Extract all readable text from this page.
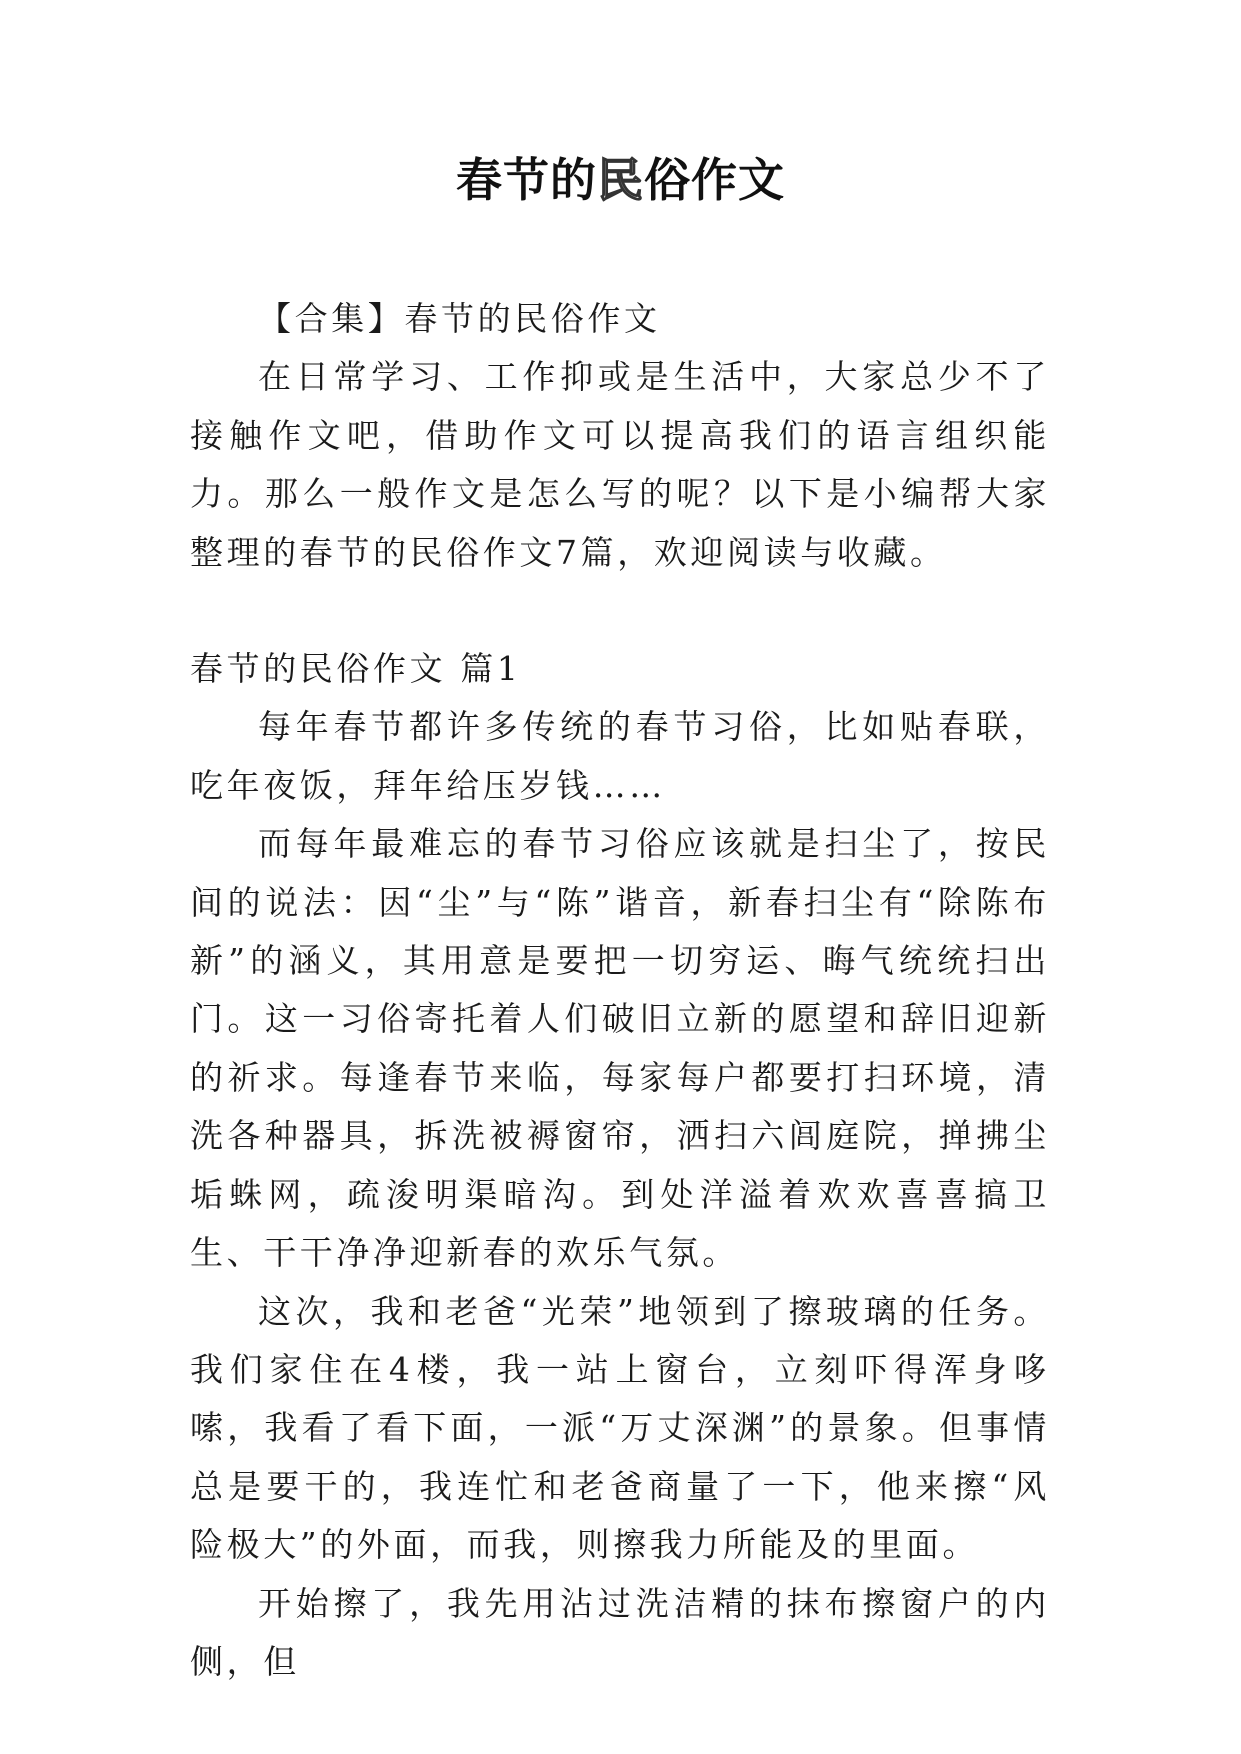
春节的民俗作文

【合集】春节的民俗作文

在日常学习、工作抑或是生活中，大家总少不了接触作文吧，借助作文可以提高我们的语言组织能力。那么一般作文是怎么写的呢？以下是小编帮大家整理的春节的民俗作文7篇，欢迎阅读与收藏。

春节的民俗作文 篇1

每年春节都许多传统的春节习俗，比如贴春联，吃年夜饭，拜年给压岁钱……

而每年最难忘的春节习俗应该就是扫尘了，按民间的说法：因“尘”与“陈”谐音，新春扫尘有“除陈布新”的涵义，其用意是要把一切穷运、晦气统统扫出门。这一习俗寄托着人们破旧立新的愿望和辞旧迎新的祈求。每逢春节来临，每家每户都要打扫环境，清洗各种器具，拆洗被褥窗帘，洒扫六闾庭院，掸拂尘垢蛛网，疏浚明渠暗沟。到处洋溢着欢欢喜喜搞卫生、干干净净迎新春的欢乐气氛。

这次，我和老爸“光荣”地领到了擦玻璃的任务。我们家住在4楼，我一站上窗台，立刻吓得浑身哆嗦，我看了看下面，一派“万丈深渊”的景象。但事情总是要干的，我连忙和老爸商量了一下，他来擦“风险极大”的外面，而我，则擦我力所能及的里面。

开始擦了，我先用沾过洗洁精的抹布擦窗户的内侧，但
